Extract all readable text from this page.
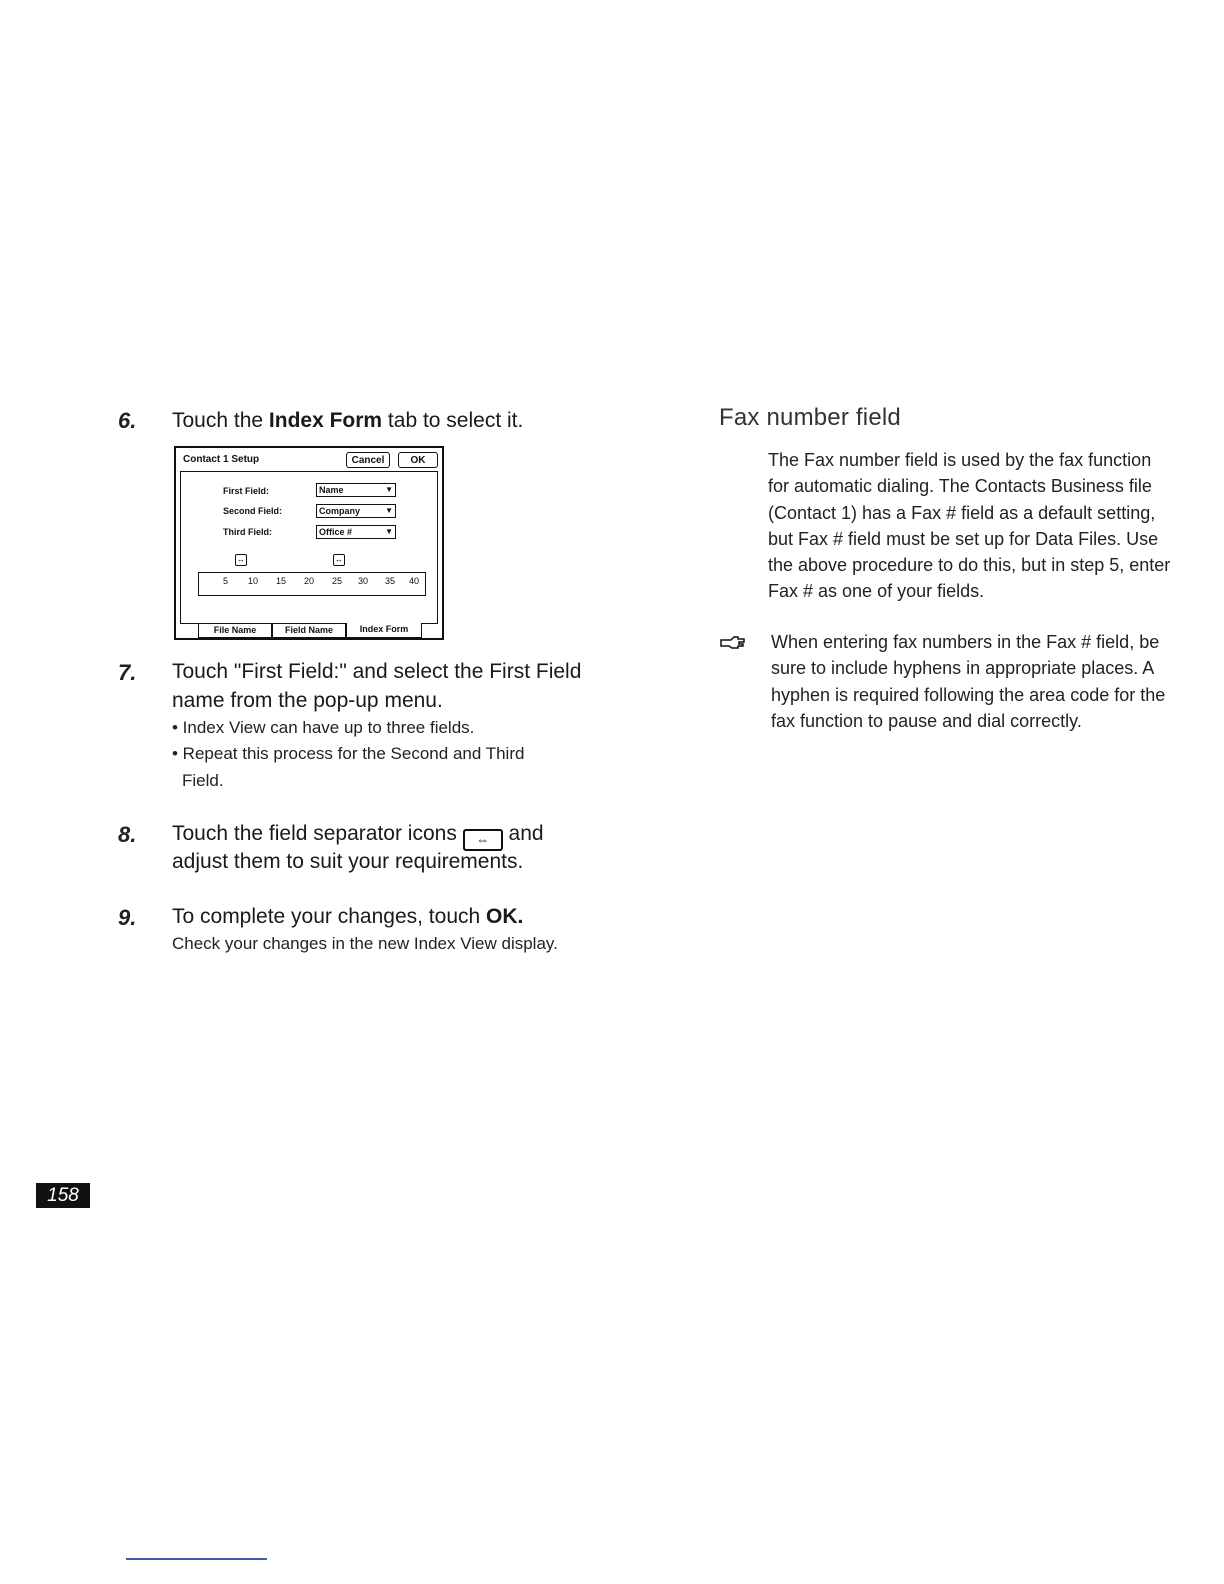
6. Touch the Index Form tab to select it.
Contact 1 Setup	Cancel	OK
First Field:	Name	▼
Second Field:	Company	▼
Third Field:	Office #	▼
↔	↔
5 10 15 20 25 30 35 40
File Name	Field Name	Index Form
7. Touch "First Field:" and select the First Field
name from the pop-up menu.
• Index View can have up to three fields.
• Repeat this process for the Second and Third
Field.
8. Touch the field separator icons ⇔ and
adjust them to suit your requirements.
9. To complete your changes, touch OK.
Check your changes in the new Index View display.
Fax number field
The Fax number field is used by the fax function
for automatic dialing. The Contacts Business file
(Contact 1) has a Fax # field as a default setting,
but Fax # field must be set up for Data Files. Use
the above procedure to do this, but in step 5, enter
Fax # as one of your fields.
When entering fax numbers in the Fax # field, be
sure to include hyphens in appropriate places. A
hyphen is required following the area code for the
fax function to pause and dial correctly.
158
